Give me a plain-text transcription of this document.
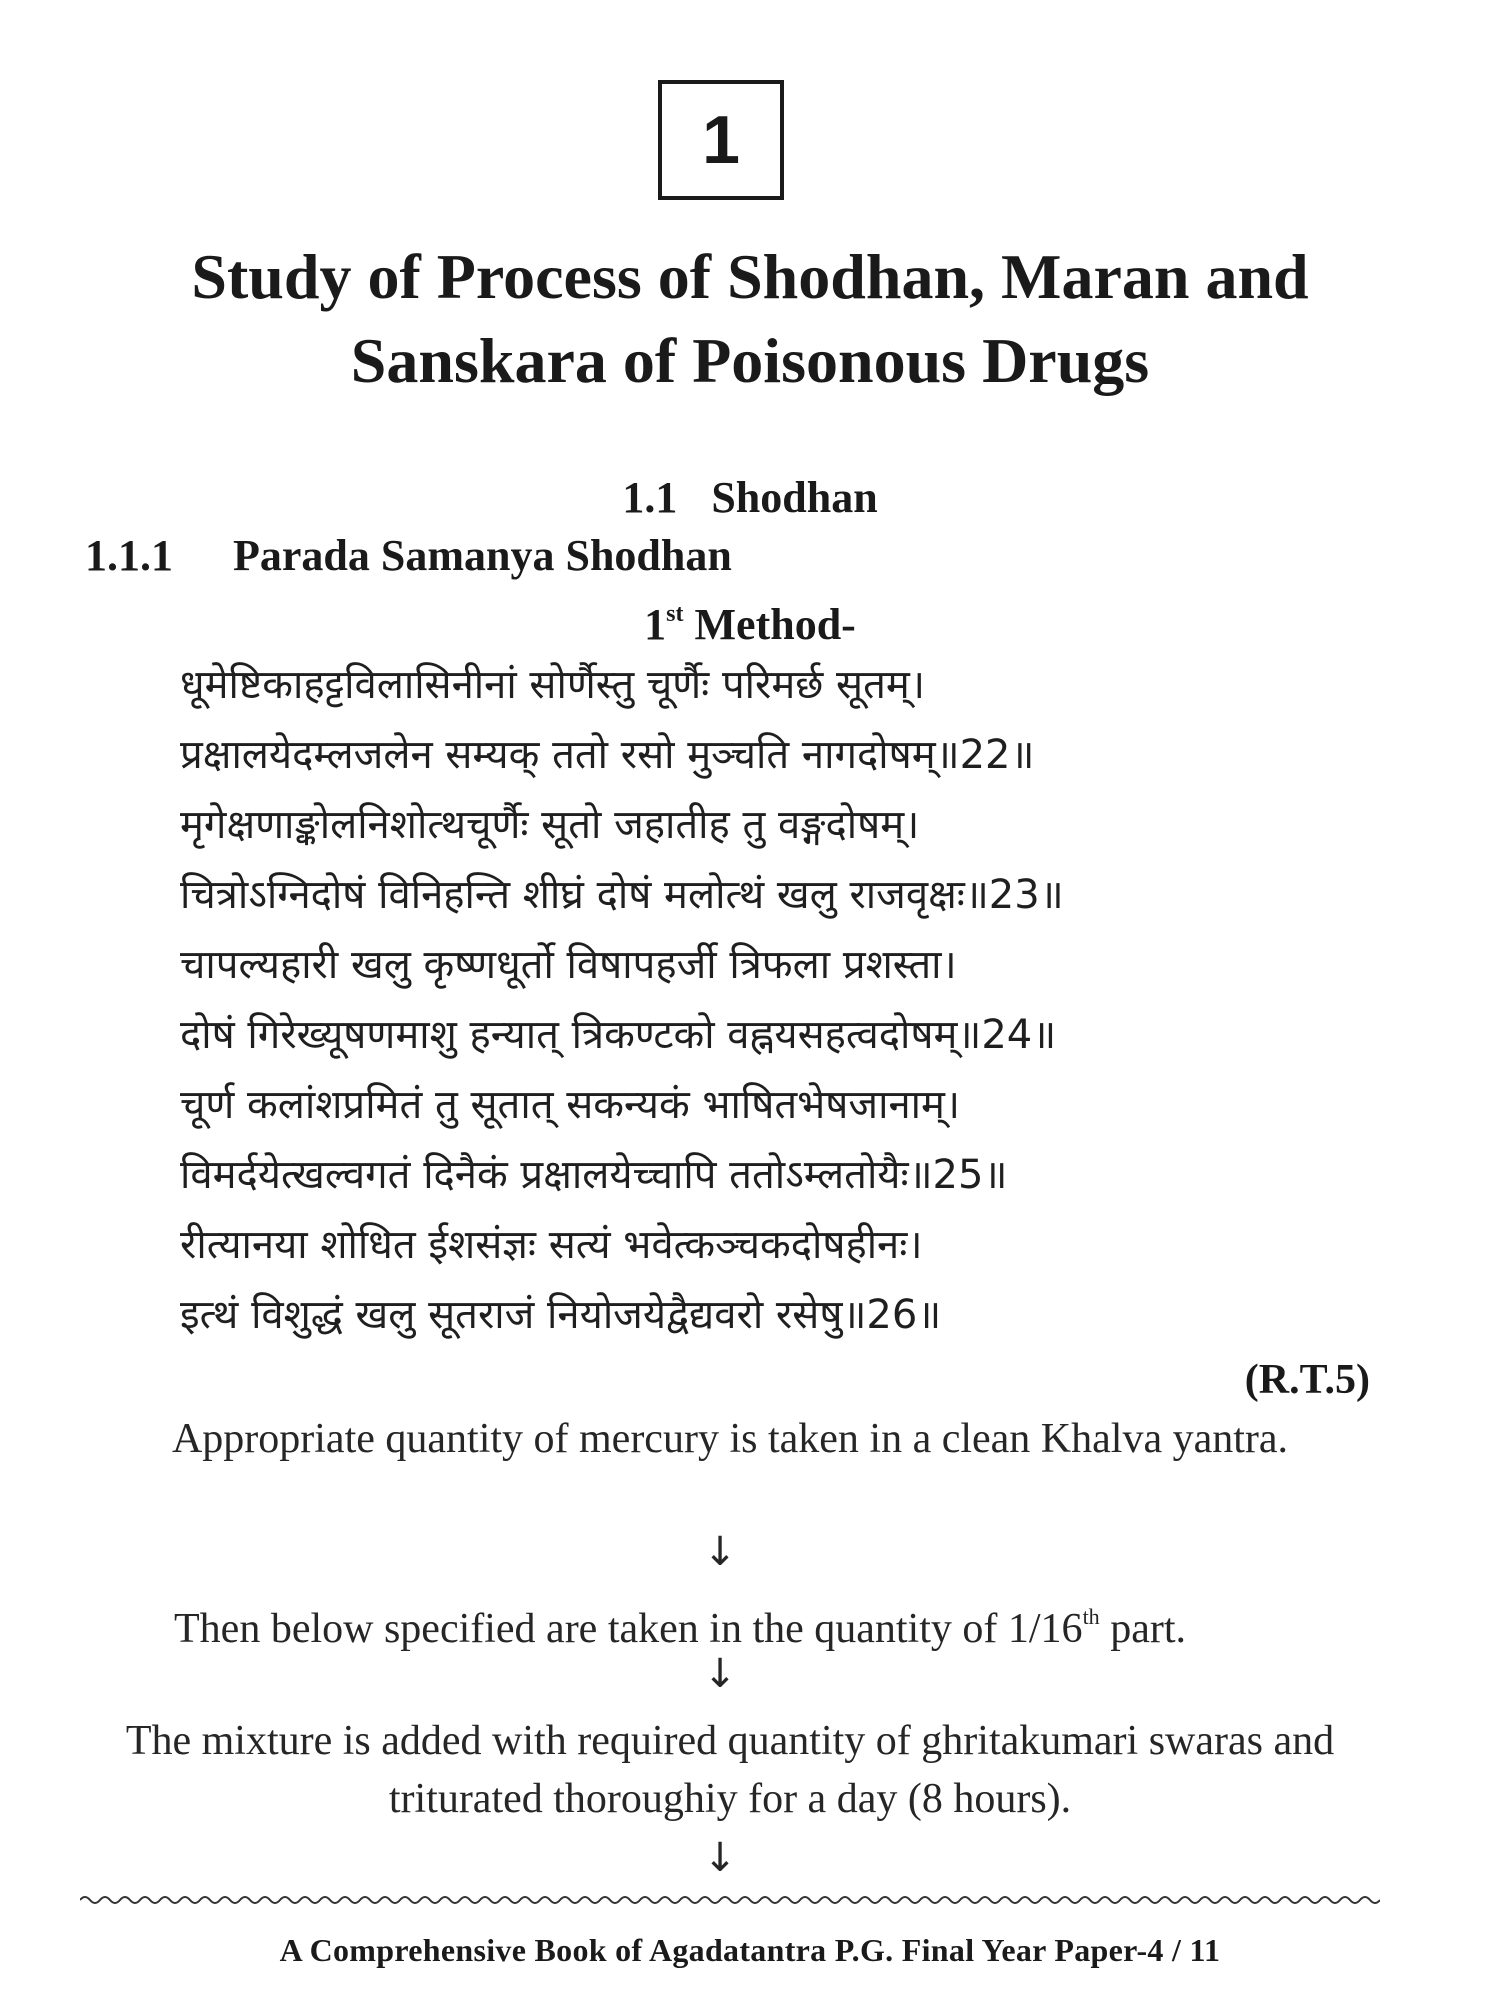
1
Study of Process of Shodhan, Maran and
Sanskara of Poisonous Drugs
1.1 Shodhan
1.1.1 Parada Samanya Shodhan
1st Method-
धूमेष्टिकाहट्टविलासिनीनां सोर्णैस्तु चूर्णैः परिमर्छ सूतम्।
प्रक्षालयेदम्लजलेन सम्यक् ततो रसो मुञ्चति नागदोषम्॥22॥
मृगेक्षणाङ्कोलनिशोत्थचूर्णैः सूतो जहातीह तु वङ्गदोषम्।
चित्रोऽग्निदोषं विनिहन्ति शीघ्रं दोषं मलोत्थं खलु राजवृक्षः॥23॥
चापल्यहारी खलु कृष्णधूर्तो विषापहर्जी त्रिफला प्रशस्ता।
दोषं गिरेख्यूषणमाशु हन्यात् त्रिकण्टको वह्नयसहत्वदोषम्॥24॥
चूर्ण कलांशप्रमितं तु सूतात् सकन्यकं भाषितभेषजानाम्।
विमर्दयेत्खल्वगतं दिनैकं प्रक्षालयेच्चापि ततोऽम्लतोयैः॥25॥
रीत्यानया शोधित ईशसंज्ञः सत्यं भवेत्कञ्चकदोषहीनः।
इत्थं विशुद्धं खलु सूतराजं नियोजयेद्वैद्यवरो रसेषु॥26॥
(R.T.5)
Appropriate quantity of mercury is taken in a clean Khalva yantra.
↓
Then below specified are taken in the quantity of 1/16th part.
↓
The mixture is added with required quantity of ghritakumari swaras and triturated thoroughiy for a day (8 hours).
↓
A Comprehensive Book of Agadatantra P.G. Final Year Paper-4 / 11
